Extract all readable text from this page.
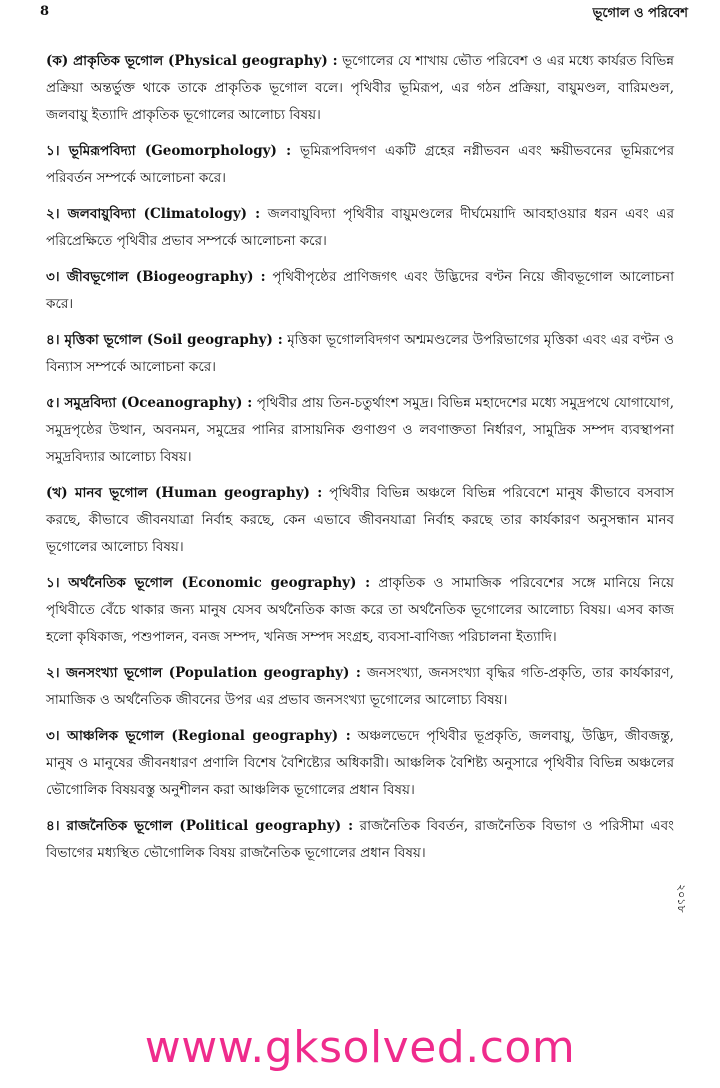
8	ভূগোল ও পরিবেশ

(ক) প্রাকৃতিক ভূগোল (Physical geography) : ভূগোলের যে শাখায় ভৌত পরিবেশ ও এর মধ্যে কার্যরত বিভিন্ন প্রক্রিয়া অন্তর্ভুক্ত থাকে তাকে প্রাকৃতিক ভূগোল বলে। পৃথিবীর ভূমিরূপ, এর গঠন প্রক্রিয়া, বায়ুমণ্ডল, বারিমণ্ডল, জলবায়ু ইত্যাদি প্রাকৃতিক ভূগোলের আলোচ্য বিষয়।

১। ভূমিরূপবিদ্যা (Geomorphology) : ভূমিরূপবিদগণ একটি গ্রহের নগ্নীভবন এবং ক্ষয়ীভবনের ভূমিরূপের পরিবর্তন সম্পর্কে আলোচনা করে।

২। জলবায়ুবিদ্যা (Climatology) : জলবায়ুবিদ্যা পৃথিবীর বায়ুমণ্ডলের দীর্ঘমেয়াদি আবহাওয়ার ধরন এবং এর পরিপ্রেক্ষিতে পৃথিবীর প্রভাব সম্পর্কে আলোচনা করে।

৩। জীবভূগোল (Biogeography) : পৃথিবীপৃষ্ঠের প্রাণিজগৎ এবং উদ্ভিদের বণ্টন নিয়ে জীবভূগোল আলোচনা করে।

৪। মৃত্তিকা ভূগোল (Soil geography) : মৃত্তিকা ভূগোলবিদগণ অশ্মমণ্ডলের উপরিভাগের মৃত্তিকা এবং এর বণ্টন ও বিন্যাস সম্পর্কে আলোচনা করে।

৫। সমুদ্রবিদ্যা (Oceanography) : পৃথিবীর প্রায় তিন-চতুর্থাংশ সমুদ্র। বিভিন্ন মহাদেশের মধ্যে সমুদ্রপথে যোগাযোগ, সমুদ্রপৃষ্ঠের উত্থান, অবনমন, সমুদ্রের পানির রাসায়নিক গুণাগুণ ও লবণাক্ততা নির্ধারণ, সামুদ্রিক সম্পদ ব্যবস্থাপনা সমুদ্রবিদ্যার আলোচ্য বিষয়।

(খ) মানব ভূগোল (Human geography) : পৃথিবীর বিভিন্ন অঞ্চলে বিভিন্ন পরিবেশে মানুষ কীভাবে বসবাস করছে, কীভাবে জীবনযাত্রা নির্বাহ করছে, কেন এভাবে জীবনযাত্রা নির্বাহ করছে তার কার্যকারণ অনুসন্ধান মানব ভূগোলের আলোচ্য বিষয়।

১। অর্থনৈতিক ভূগোল (Economic geography) : প্রাকৃতিক ও সামাজিক পরিবেশের সঙ্গে মানিয়ে নিয়ে পৃথিবীতে বেঁচে থাকার জন্য মানুষ যেসব অর্থনৈতিক কাজ করে তা অর্থনৈতিক ভূগোলের আলোচ্য বিষয়। এসব কাজ হলো কৃষিকাজ, পশুপালন, বনজ সম্পদ, খনিজ সম্পদ সংগ্রহ, ব্যবসা-বাণিজ্য পরিচালনা ইত্যাদি।

২। জনসংখ্যা ভূগোল (Population geography) : জনসংখ্যা, জনসংখ্যা বৃদ্ধির গতি-প্রকৃতি, তার কার্যকারণ, সামাজিক ও অর্থনৈতিক জীবনের উপর এর প্রভাব জনসংখ্যা ভূগোলের আলোচ্য বিষয়।

৩। আঞ্চলিক ভূগোল (Regional geography) : অঞ্চলভেদে পৃথিবীর ভূপ্রকৃতি, জলবায়ু, উদ্ভিদ, জীবজন্তু, মানুষ ও মানুষের জীবনধারণ প্রণালি বিশেষ বৈশিষ্ট্যের অধিকারী। আঞ্চলিক বৈশিষ্ট্য অনুসারে পৃথিবীর বিভিন্ন অঞ্চলের ভৌগোলিক বিষয়বস্তু অনুশীলন করা আঞ্চলিক ভূগোলের প্রধান বিষয়।

৪। রাজনৈতিক ভূগোল (Political geography) : রাজনৈতিক বিবর্তন, রাজনৈতিক বিভাগ ও পরিসীমা এবং বিভাগের মধ্যস্থিত ভৌগোলিক বিষয় রাজনৈতিক ভূগোলের প্রধান বিষয়।

২০১৮
www.gksolved.com
